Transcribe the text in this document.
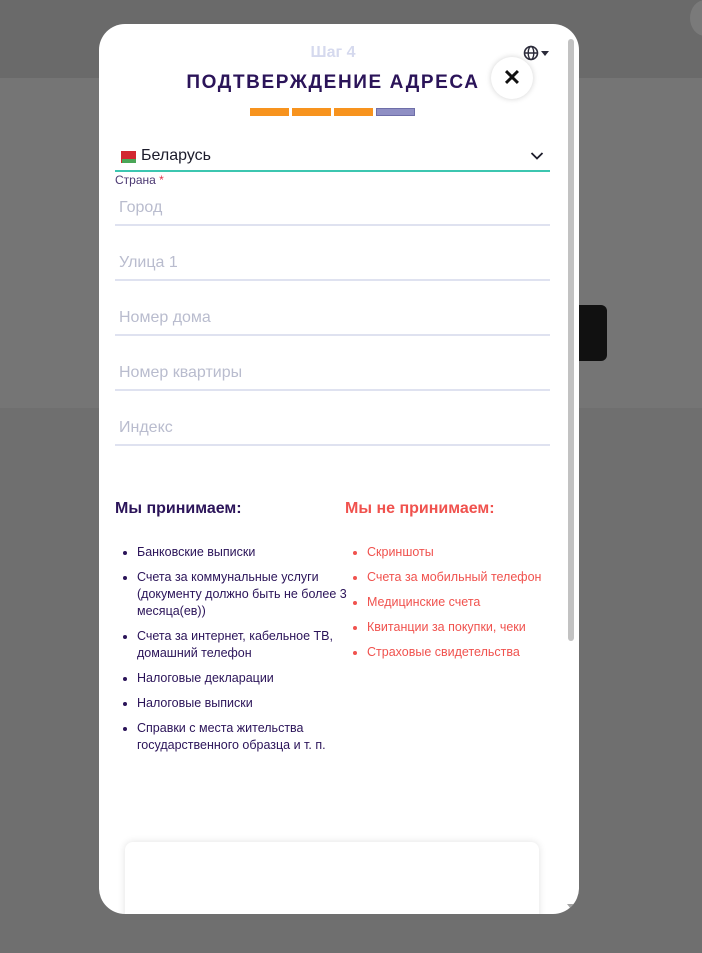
Шаг 4
✕
ПОДТВЕРЖДЕНИЕ АДРЕСА
Беларусь
Страна *
Город
Улица 1
Номер дома
Номер квартиры
Индекс
Мы принимаем:	Мы не принимаем:
• Банковские выписки
• Счета за коммунальные услуги (документу должно быть не более 3 месяца(ев))
• Счета за интернет, кабельное ТВ, домашний телефон
• Налоговые декларации
• Налоговые выписки
• Справки с места жительства государственного образца и т. п.
• Скриншоты
• Счета за мобильный телефон
• Медицинские счета
• Квитанции за покупки, чеки
• Страховые свидетельства
